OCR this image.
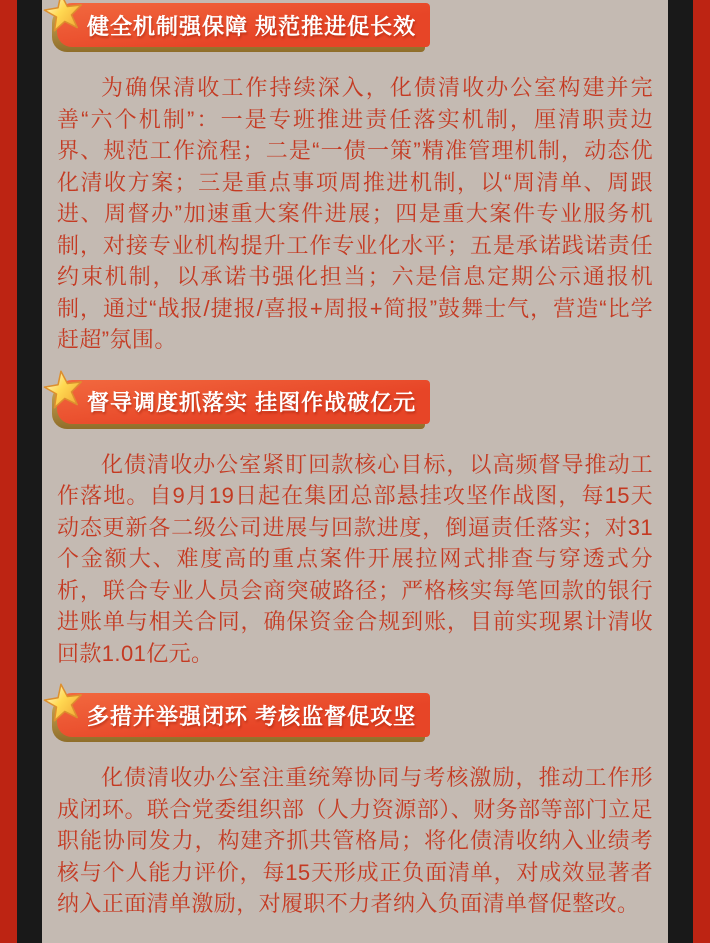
健全机制强保障 规范推进促长效

为确保清收工作持续深入，化债清收办公室构建并完善“六个机制”：一是专班推进责任落实机制，厘清职责边界、规范工作流程；二是“一债一策”精准管理机制，动态优化清收方案；三是重点事项周推进机制，以“周清单、周跟进、周督办”加速重大案件进展；四是重大案件专业服务机制，对接专业机构提升工作专业化水平；五是承诺践诺责任约束机制，以承诺书强化担当；六是信息定期公示通报机制，通过“战报/捷报/喜报+周报+简报”鼓舞士气，营造“比学赶超”氛围。

督导调度抓落实 挂图作战破亿元

化债清收办公室紧盯回款核心目标，以高频督导推动工作落地。自9月19日起在集团总部悬挂攻坚作战图，每15天动态更新各二级公司进展与回款进度，倒逼责任落实；对31个金额大、难度高的重点案件开展拉网式排查与穿透式分析，联合专业人员会商突破路径；严格核实每笔回款的银行进账单与相关合同，确保资金合规到账，目前实现累计清收回款1.01亿元。

多措并举强闭环 考核监督促攻坚

化债清收办公室注重统筹协同与考核激励，推动工作形成闭环。联合党委组织部（人力资源部）、财务部等部门立足职能协同发力，构建齐抓共管格局；将化债清收纳入业绩考核与个人能力评价，每15天形成正负面清单，对成效显著者纳入正面清单激励，对履职不力者纳入负面清单督促整改。
